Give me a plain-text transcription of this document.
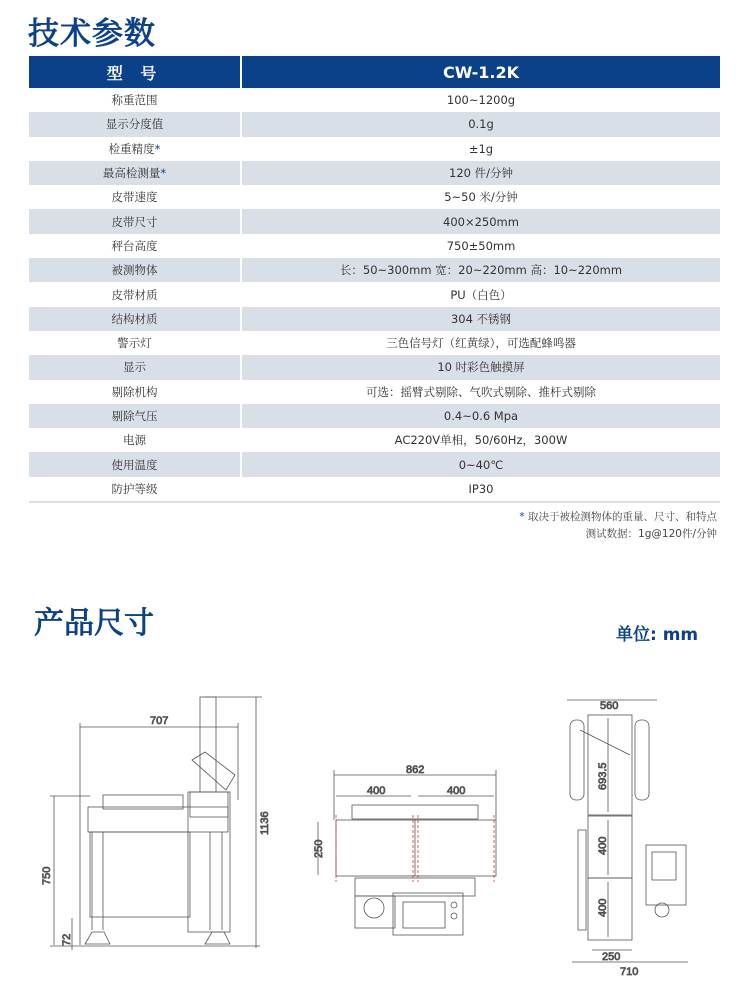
技术参数
型 号	CW-1.2K
称重范围	100~1200g
显示分度值	0.1g
检重精度*	±1g
最高检测量*	120 件/分钟
皮带速度	5~50 米/分钟
皮带尺寸	400×250mm
秤台高度	750±50mm
被测物体	长：50~300mm 宽：20~220mm 高：10~220mm
皮带材质	PU（白色）
结构材质	304 不锈钢
警示灯	三色信号灯（红黄绿），可选配蜂鸣器
显示	10 吋彩色触摸屏
剔除机构	可选：摇臂式剔除、气吹式剔除、推杆式剔除
剔除气压	0.4~0.6 Mpa
电源	AC220V单相，50/60Hz，300W
使用温度	0~40℃
防护等级	IP30
* 取决于被检测物体的重量、尺寸、和特点
测试数据：1g@120件/分钟
产品尺寸	单位: mm
707
1136
750
72
862
400	400
250
560
693.5
400
400
250
710
